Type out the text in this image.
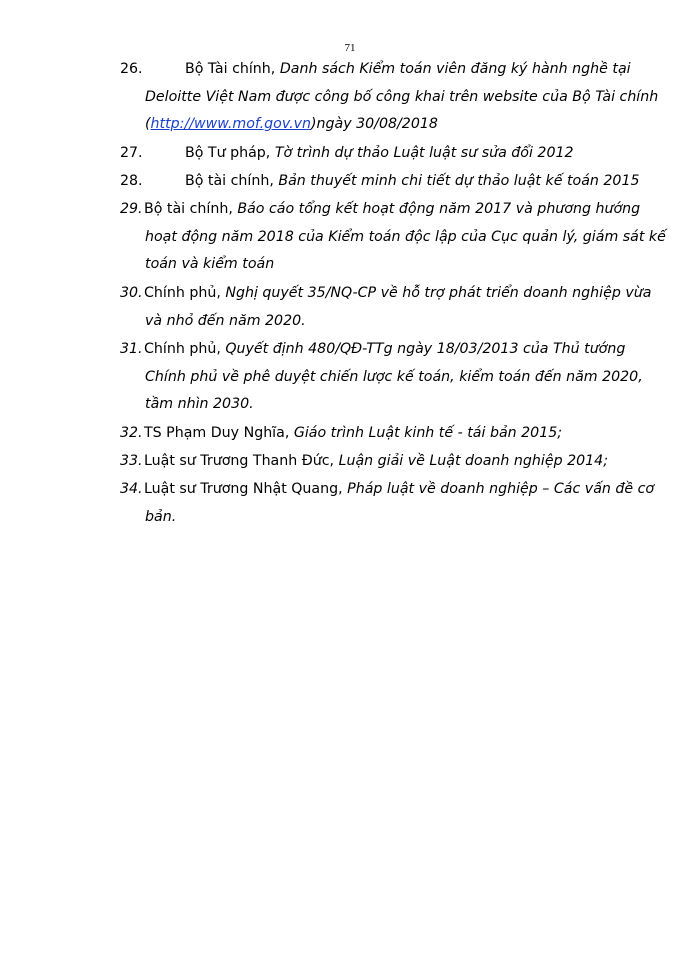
71
26.	Bộ Tài chính, Danh sách Kiểm toán viên đăng ký hành nghề tại
Deloitte Việt Nam được công bố công khai trên website của Bộ Tài chính
(http://www.mof.gov.vn)ngày 30/08/2018
27.	Bộ Tư pháp, Tờ trình dự thảo Luật luật sư sửa đổi 2012
28.	Bộ tài chính, Bản thuyết minh chi tiết dự thảo luật kế toán 2015
29. Bộ tài chính, Báo cáo tổng kết hoạt động năm 2017 và phương hướng
hoạt động năm 2018 của Kiểm toán độc lập của Cục quản lý, giám sát kế
toán và kiểm toán
30. Chính phủ, Nghị quyết 35/NQ-CP về hỗ trợ phát triển doanh nghiệp vừa
và nhỏ đến năm 2020.
31. Chính phủ, Quyết định 480/QĐ-TTg ngày 18/03/2013 của Thủ tướng
Chính phủ về phê duyệt chiến lược kế toán, kiểm toán đến năm 2020,
tầm nhìn 2030.
32. TS Phạm Duy Nghĩa, Giáo trình Luật kinh tế - tái bản 2015;
33. Luật sư Trương Thanh Đức, Luận giải về Luật doanh nghiệp 2014;
34. Luật sư Trương Nhật Quang, Pháp luật về doanh nghiệp – Các vấn đề cơ
bản.
